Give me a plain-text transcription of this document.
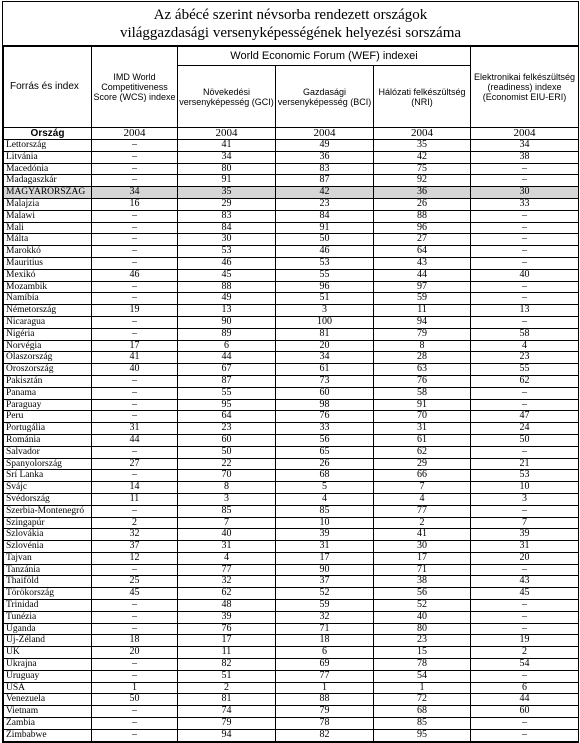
Az ábécé szerint névsorba rendezett országok
világgazdasági versenyképességének helyezési sorszáma
Forrás és index	IMD World Competitiveness Score (WCS) indexe	World Economic Forum (WEF) indexei			Elektronikai felkészültség (readiness) indexe (Economist EIU-ERI)
		Növekedési versenyképesség (GCI)	Gazdasági versenyképesség (BCI)	Hálózati felkészültség (NRI)	
Ország	2004	2004	2004	2004	2004
Lettország	–	41	49	35	34
Litvánia	–	34	36	42	38
Macedónia	–	80	83	75	–
Madagaszkár	–	91	87	92	–
MAGYARORSZÁG	34	35	42	36	30
Malajzia	16	29	23	26	33
Malawi	–	83	84	88	–
Mali	–	84	91	96	–
Málta	–	30	50	27	–
Marokkó	–	53	46	64	–
Mauritius	–	46	53	43	–
Mexikó	46	45	55	44	40
Mozambik	–	88	96	97	–
Namíbia	–	49	51	59	–
Németország	19	13	3	11	13
Nicaragua	–	90	100	94	–
Nigéria	–	89	81	79	58
Norvégia	17	6	20	8	4
Olaszország	41	44	34	28	23
Oroszország	40	67	61	63	55
Pakisztán	–	87	73	76	62
Panama	–	55	60	58	–
Paraguay	–	95	98	91	–
Peru	–	64	76	70	47
Portugália	31	23	33	31	24
Románia	44	60	56	61	50
Salvador	–	50	65	62	–
Spanyolország	27	22	26	29	21
Srí Lanka	–	70	68	66	53
Svájc	14	8	5	7	10
Svédország	11	3	4	4	3
Szerbia-Montenegró	–	85	85	77	–
Szingapúr	2	7	10	2	7
Szlovákia	32	40	39	41	39
Szlovénia	37	31	31	30	31
Tajvan	12	4	17	17	20
Tanzánia	–	77	90	71	–
Thaiföld	25	32	37	38	43
Törökország	45	62	52	56	45
Trinidad	–	48	59	52	–
Tunézia	–	39	32	40	–
Uganda	–	76	71	80	–
Új-Zéland	18	17	18	23	19
UK	20	11	6	15	2
Ukrajna	–	82	69	78	54
Uruguay	–	51	77	54	–
USA	1	2	1	1	6
Venezuela	50	81	88	72	44
Vietnam	–	74	79	68	60
Zambia	–	79	78	85	–
Zimbabwe	–	94	82	95	–
